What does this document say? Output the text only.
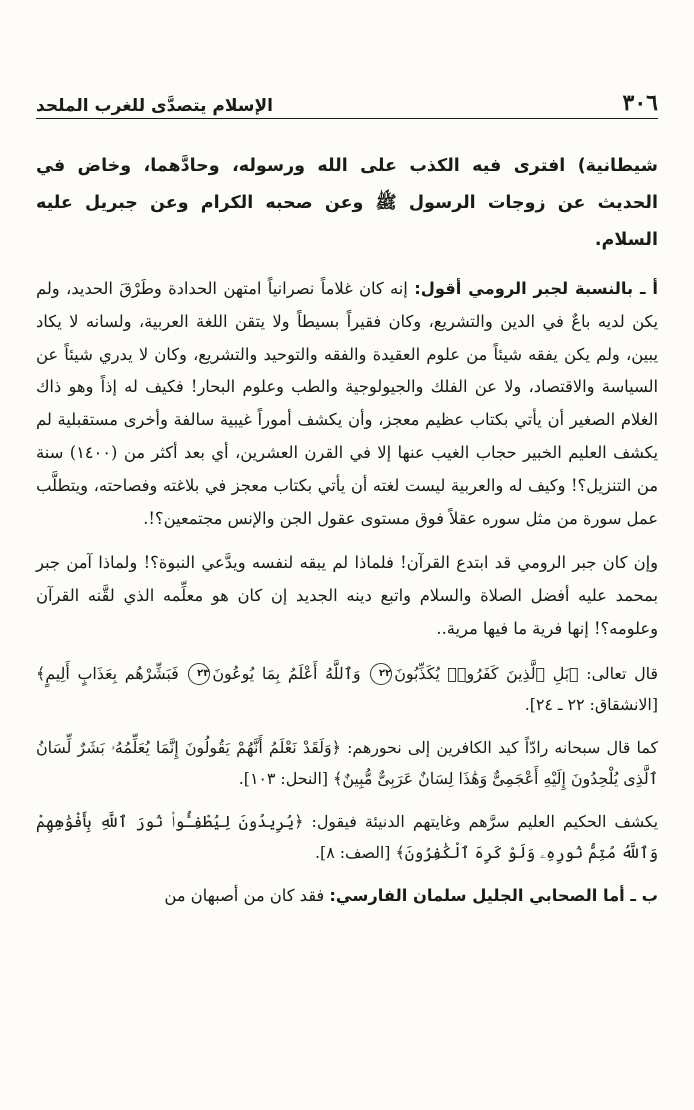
٣٠٦
الإسلام يتصدَّى للغرب الملحد

شيطانية) افترى فيه الكذب على الله ورسوله، وحادَّهما، وخاض في الحديث عن زوجات الرسول ﷺ وعن صحبه الكرام وعن جبريل عليه السلام.

أ ـ بالنسبة لجبر الرومي أقول: إنه كان غلاماً نصرانياً امتهن الحدادة وطَرْقَ الحديد، ولم يكن لديه باعٌ في الدين والتشريع، وكان فقيراً بسيطاً ولا يتقن اللغة العربية، ولسانه لا يكاد يبين، ولم يكن يفقه شيئاً من علوم العقيدة والفقه والتوحيد والتشريع، وكان لا يدري شيئاً عن السياسة والاقتصاد، ولا عن الفلك والجيولوجية والطب وعلوم البحار! فكيف له إذاً وهو ذاك الغلام الصغير أن يأتي بكتاب عظيم معجز، وأن يكشف أموراً غيبية سالفة وأخرى مستقبلية لم يكشف العليم الخبير حجاب الغيب عنها إلا في القرن العشرين، أي بعد أكثر من (١٤٠٠) سنة من التنزيل؟! وكيف له والعربية ليست لغته أن يأتي بكتاب معجز في بلاغته وفصاحته، ويتطلَّب عمل سورة من مثل سوره عقلاً فوق مستوى عقول الجن والإنس مجتمعين؟!.

وإن كان جبر الرومي قد ابتدع القرآن! فلماذا لم يبقه لنفسه ويدَّعي النبوة؟! ولماذا آمن جبر بمحمد عليه أفضل الصلاة والسلام واتبع دينه الجديد إن كان هو معلِّمه الذي لقَّنه القرآن وعلومه؟! إنها فرية ما فيها مرية..

قال تعالى: ﴿بَلِ ٱلَّذِينَ كَفَرُوا۟ يُكَذِّبُونَ٢٢ وَٱللَّهُ أَعْلَمُ بِمَا يُوعُونَ٢٣ فَبَشِّرْهُم بِعَذَابٍ أَلِيمٍ﴾ [الانشقاق: ٢٢ ـ ٢٤].

كما قال سبحانه رادّاً كيد الكافرين إلى نحورهم: ﴿وَلَقَدْ نَعْلَمُ أَنَّهُمْ يَقُولُونَ إِنَّمَا يُعَلِّمُهُۥ بَشَرٌ لِّسَانُ ٱلَّذِى يُلْحِدُونَ إِلَيْهِ أَعْجَمِىٌّ وَهَٰذَا لِسَانٌ عَرَبِىٌّ مُّبِينٌ﴾ [النحل: ١٠٣].

يكشف الحكيم العليم سرَّهم وغايتهم الدنيئة فيقول: ﴿يُرِيدُونَ لِيُطْفِـُٔوا۟ نُورَ ٱللَّهِ بِأَفْوَٰهِهِمْ وَٱللَّهُ مُتِمُّ نُورِهِۦ وَلَوْ كَرِهَ ٱلْكَٰفِرُونَ﴾ [الصف: ٨].

ب ـ أما الصحابي الجليل سلمان الفارسي: فقد كان من أصبهان من
